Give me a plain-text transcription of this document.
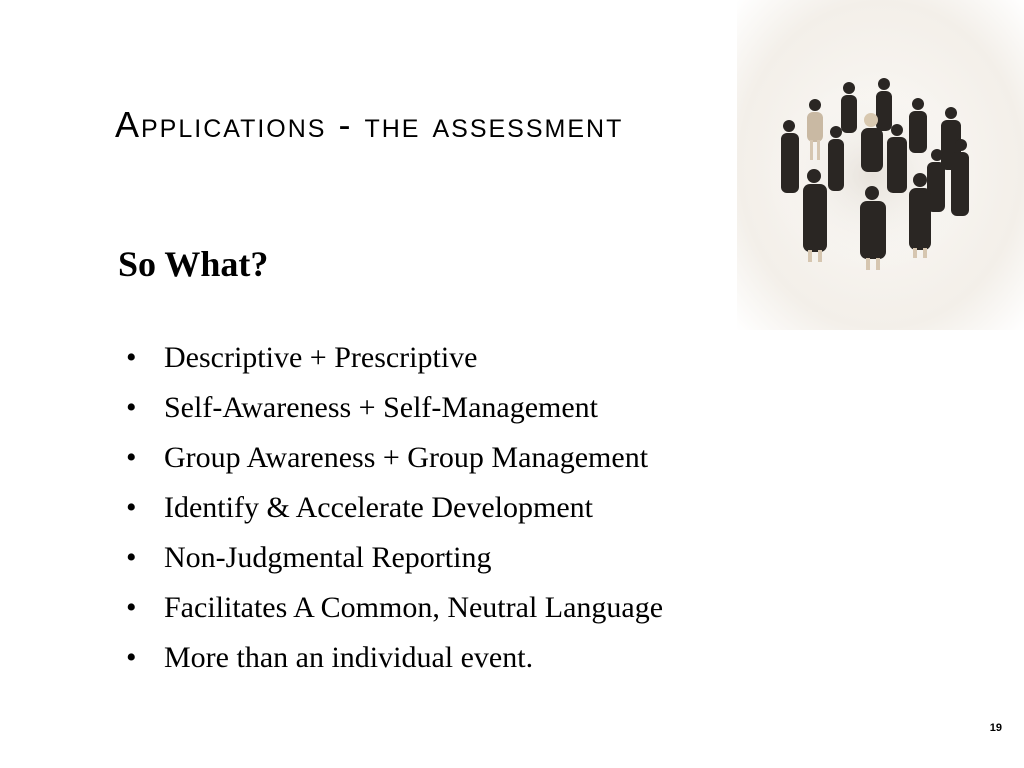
Applications - the assessment
So What?
• Descriptive + Prescriptive
• Self-Awareness + Self-Management
• Group Awareness + Group Management
• Identify & Accelerate Development
• Non-Judgmental Reporting
• Facilitates A Common, Neutral Language
• More than an individual event.
19
